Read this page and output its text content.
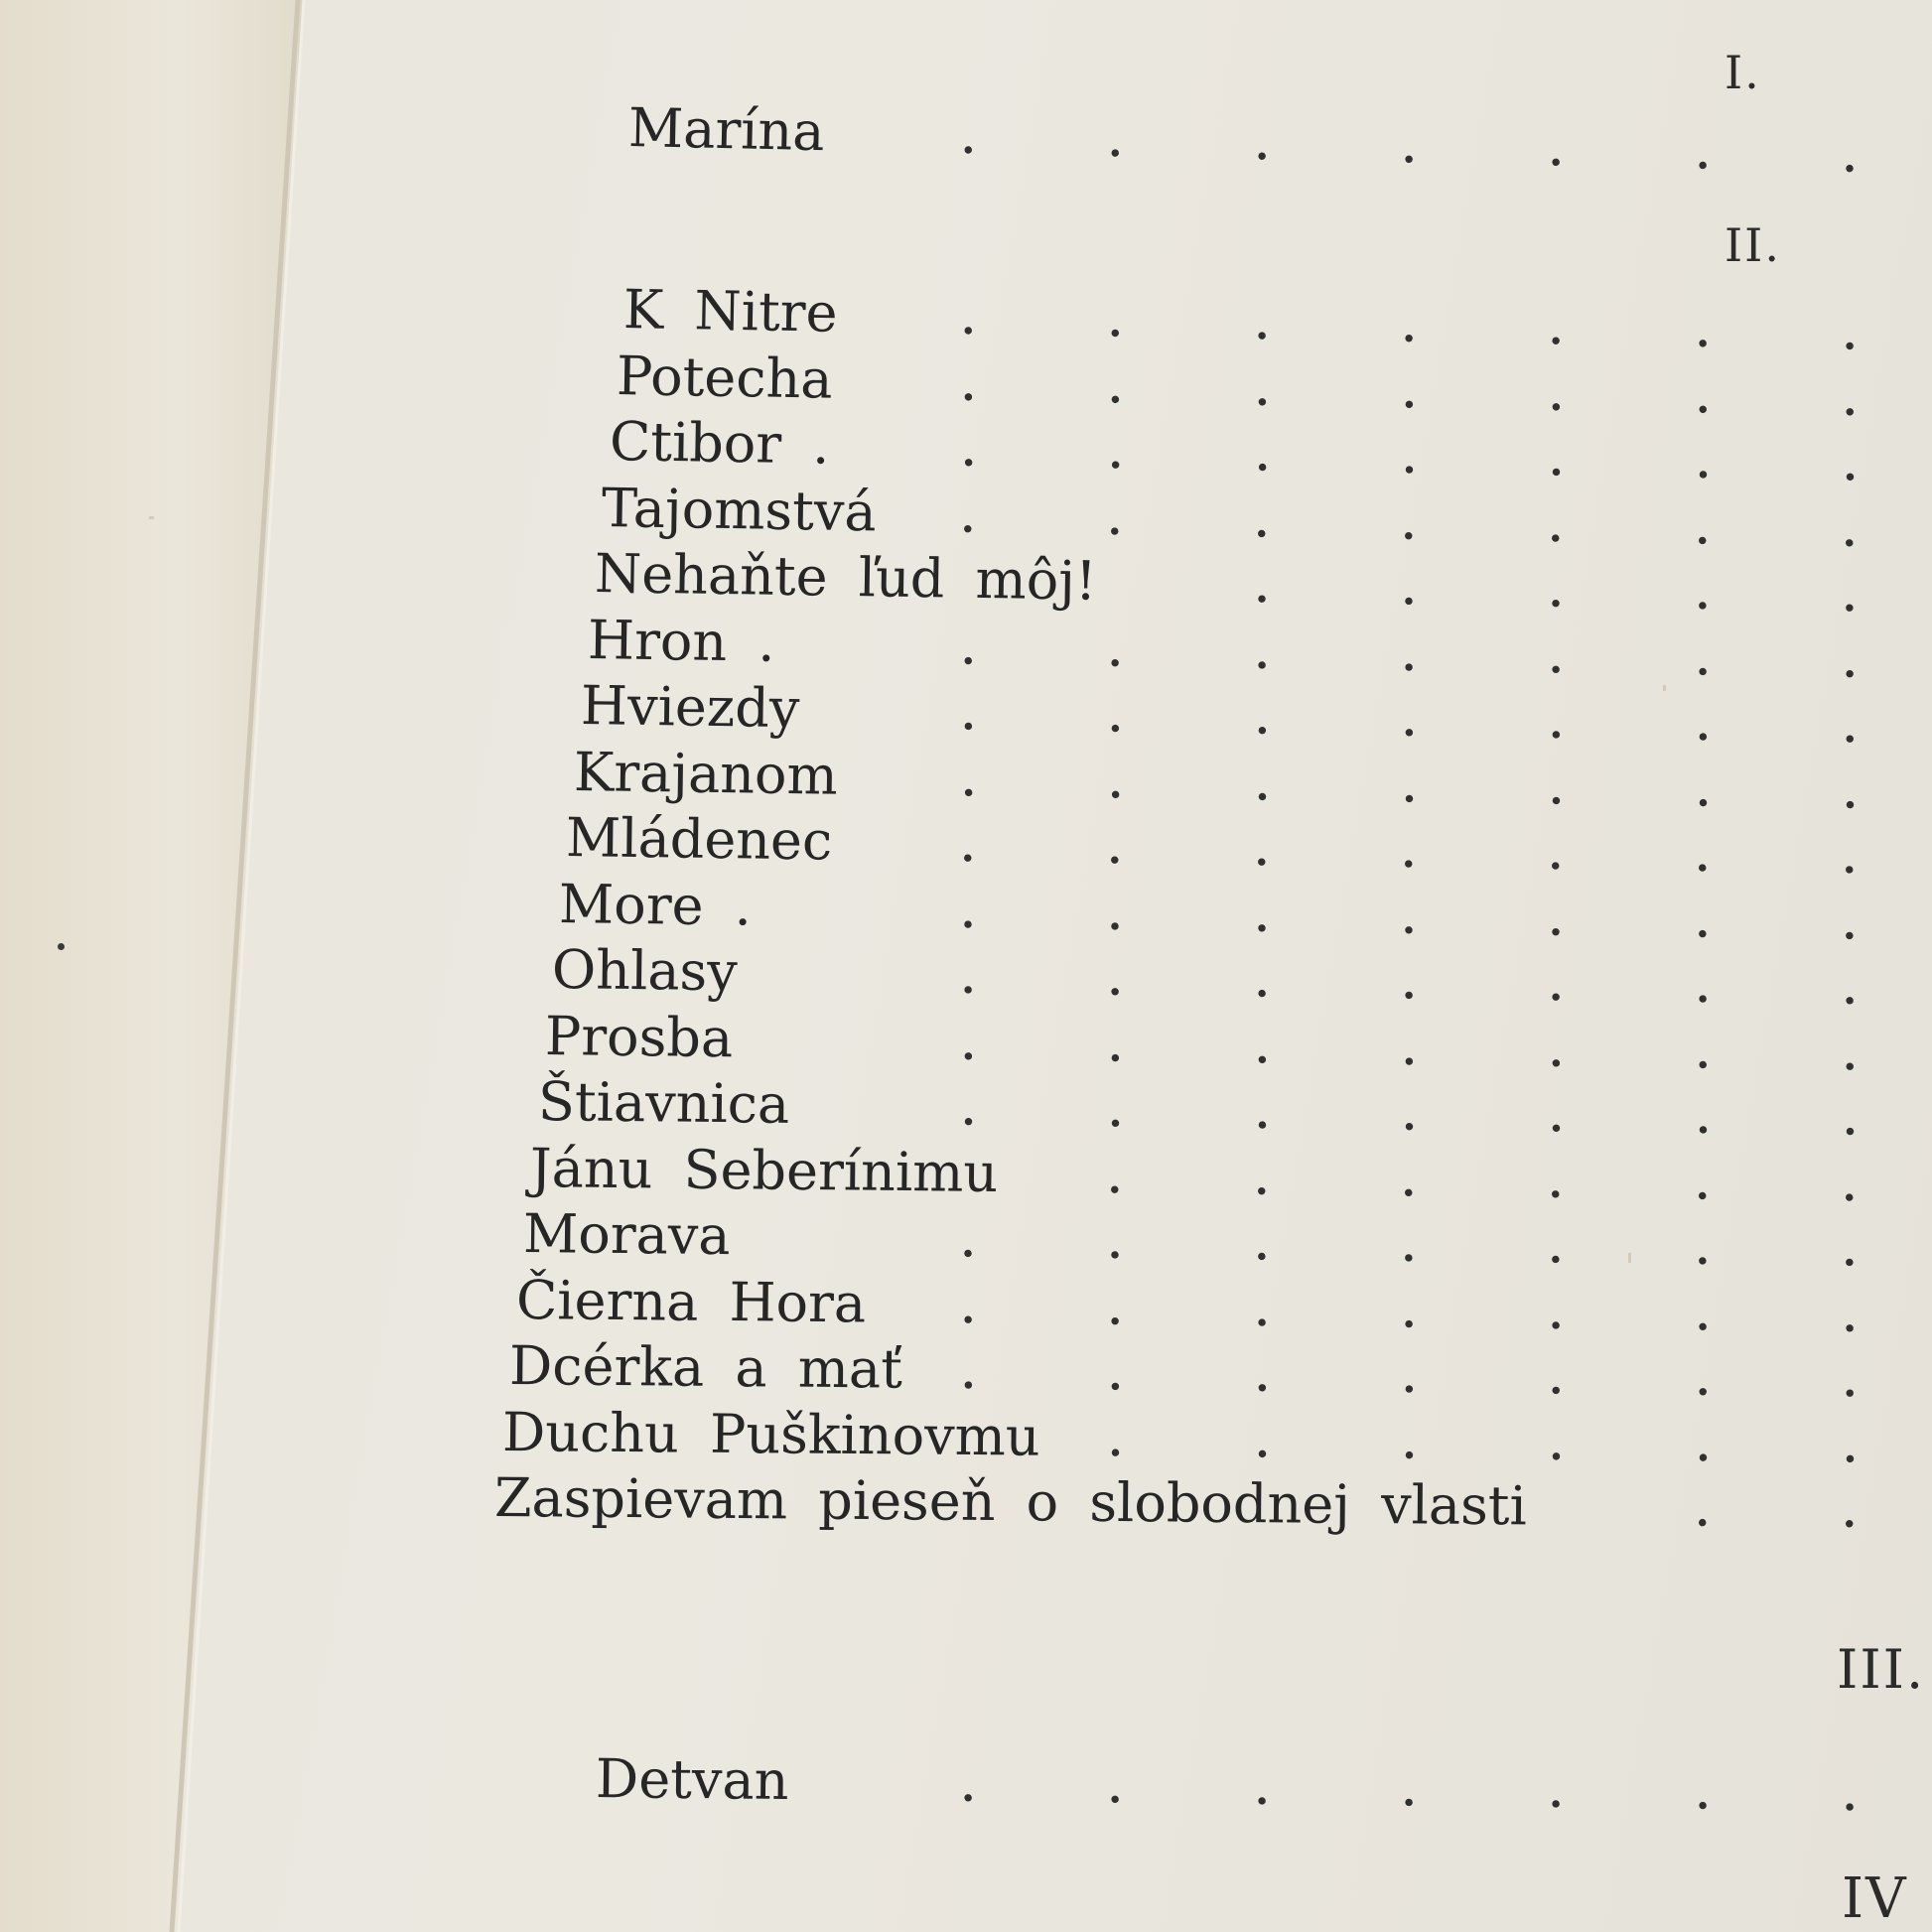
I.
Marína	.	.	.	.	.	.	.
II.
K Nitre	.	.	.	.	.	.	.
Potecha	.	.	.	.	.	.	.
Ctibor .	.	.	.	.	.	.	.
Tajomstvá	.	.	.	.	.	.	.
Nehaňte ľud môj!	.	.	.	.	.
Hron .	.	.	.	.	.	.	.
Hviezdy	.	.	.	.	.	.	.
Krajanom	.	.	.	.	.	.	.
Mládenec	.	.	.	.	.	.	.
More .	.	.	.	.	.	.	.
Ohlasy	.	.	.	.	.	.	.
Prosba	.	.	.	.	.	.	.
Štiavnica	.	.	.	.	.	.	.
Jánu Seberínimu	.	.	.	.	.	.
Morava	.	.	.	.	.	.	.
Čierna Hora	.	.	.	.	.	.	.
Dcérka a mať	.	.	.	.	.	.	.
Duchu Puškinovmu	.	.	.	.	.	.
Zaspievam pieseň o slobodnej vlasti	.	.
III.
Detvan	.	.	.	.	.	.	.
IV
